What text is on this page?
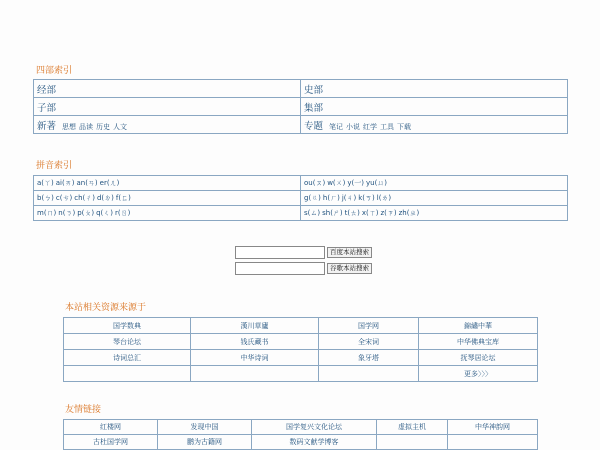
四部索引
经部	史部
子部	集部
新著 思想 品读 历史 人文	专题 笔记 小说 红学 工具 下载
拼音索引
a(ㄚ) ai(ㄞ) an(ㄢ) er(ㄦ)	ou(ㄡ) w(ㄨ) y(一) yu(ㄩ)
b(ㄅ) c(ㄘ) ch(ㄔ) d(ㄉ) f(ㄈ)	g(ㄍ) h(ㄏ) j(ㄐ) k(ㄎ) l(ㄌ)
m(ㄇ) n(ㄋ) p(ㄆ) q(ㄑ) r(ㄖ)	s(ㄙ) sh(ㄕ) t(ㄊ) x(ㄒ) z(ㄗ) zh(ㄓ)
百度本站搜索
谷歌本站搜索
本站相关资源来源于
国学数典	漢川草廬	国学网	錦繡中華
琴台论坛	钱氏藏书	全宋词	中华佛典宝库
诗词总汇	中华诗词	象牙塔	抚琴居论坛
			更多〉〉〉
友情链接
红楼网	发现中国	国学复兴文化论坛	虚拟主机	中华神韵网
古杜国学网	鹏为古籍网	数码文献学博客		
